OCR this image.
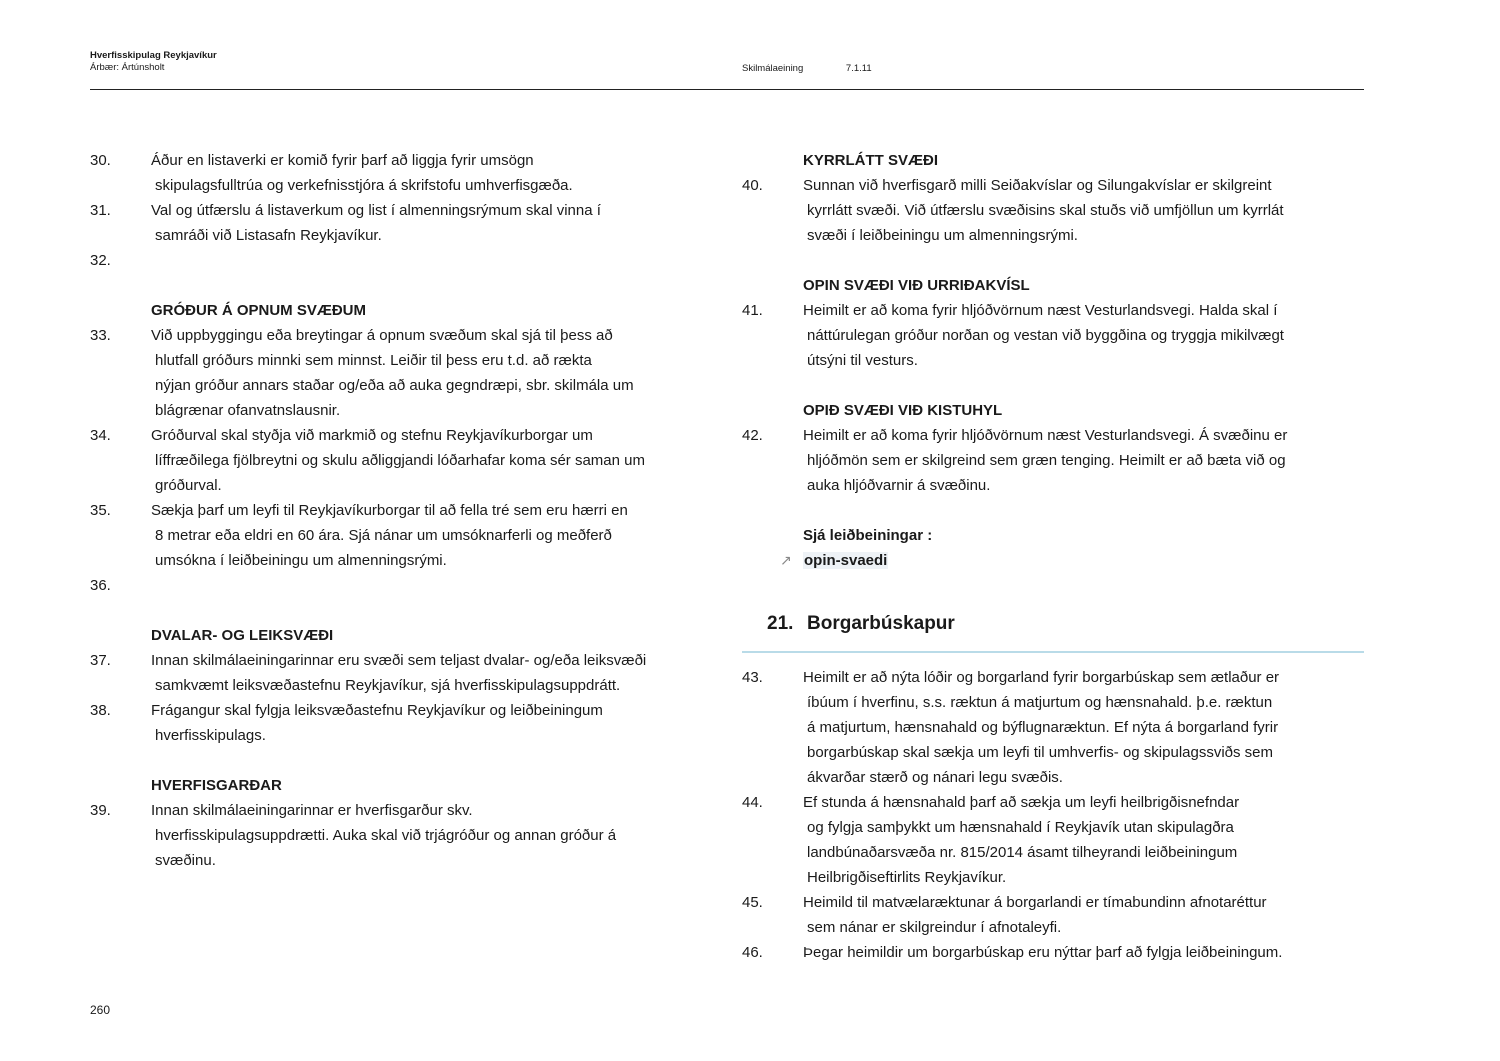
Hverfisskipulag Reykjavíkur
Árbær: Ártúnsholt	Skilmálaeining	7.1.11
30.	Áður en listaverki er komið fyrir þarf að liggja fyrir umsögn
skipulagsfulltrúa og verkefnisstjóra á skrifstofu umhverfisgæða.
31.	Val og útfærslu á listaverkum og list í almenningsrýmum skal vinna í
samráði við Listasafn Reykjavíkur.
32.

GRÓÐUR Á OPNUM SVÆÐUM
33.	Við uppbyggingu eða breytingar á opnum svæðum skal sjá til þess að
hlutfall gróðurs minnki sem minnst. Leiðir til þess eru t.d. að rækta
nýjan gróður annars staðar og/eða að auka gegndræpi, sbr. skilmála um
blágrænar ofanvatnslausnir.
34.	Gróðurval skal styðja við markmið og stefnu Reykjavíkurborgar um
líffræðilega fjölbreytni og skulu aðliggjandi lóðarhafar koma sér saman um
gróðurval.
35.	Sækja þarf um leyfi til Reykjavíkurborgar til að fella tré sem eru hærri en
8 metrar eða eldri en 60 ára. Sjá nánar um umsóknarferli og meðferð
umsókna í leiðbeiningu um almenningsrými.
36.

DVALAR- OG LEIKSVÆÐI
37.	Innan skilmálaeiningarinnar eru svæði sem teljast dvalar- og/eða leiksvæði
samkvæmt leiksvæðastefnu Reykjavíkur, sjá hverfisskipulagsuppdrátt.
38.	Frágangur skal fylgja leiksvæðastefnu Reykjavíkur og leiðbeiningum
hverfisskipulags.
HVERFISGARÐAR
39.	Innan skilmálaeiningarinnar er hverfisgarður skv.
hverfisskipulagsuppdrætti. Auka skal við trjágróður og annan gróður á
svæðinu.
KYRRLÁTT SVÆÐI
40.	Sunnan við hverfisgarð milli Seiðakvíslar og Silungakvíslar er skilgreint
kyrrlátt svæði. Við útfærslu svæðisins skal stuðs við umfjöllun um kyrrlát
svæði í leiðbeiningu um almenningsrými.
OPIN SVÆÐI VIÐ URRIÐAKVÍSL
41.	Heimilt er að koma fyrir hljóðvörnum næst Vesturlandsvegi. Halda skal í
náttúrulegan gróður norðan og vestan við byggðina og tryggja mikilvægt
útsýni til vesturs.
OPIÐ SVÆÐI VIÐ KISTUHYL
42.	Heimilt er að koma fyrir hljóðvörnum næst Vesturlandsvegi. Á svæðinu er
hljóðmön sem er skilgreind sem græn tenging. Heimilt er að bæta við og
auka hljóðvarnir á svæðinu.
Sjá leiðbeiningar :
↗ opin-svaedi
21. Borgarbúskapur
43.	Heimilt er að nýta lóðir og borgarland fyrir borgarbúskap sem ætlaður er
íbúum í hverfinu, s.s. ræktun á matjurtum og hænsnahald. þ.e. ræktun
á matjurtum, hænsnahald og býflugnaræktun. Ef nýta á borgarland fyrir
borgarbúskap skal sækja um leyfi til umhverfis- og skipulagssviðs sem
ákvarðar stærð og nánari legu svæðis.
44.	Ef stunda á hænsnahald þarf að sækja um leyfi heilbrigðisnefndar
og fylgja samþykkt um hænsnahald í Reykjavík utan skipulagðra
landbúnaðarsvæða nr. 815/2014 ásamt tilheyrandi leiðbeiningum
Heilbrigðiseftirlits Reykjavíkur.
45.	Heimild til matvælaræktunar á borgarlandi er tímabundinn afnotaréttur
sem nánar er skilgreindur í afnotaleyfi.
46.	Þegar heimildir um borgarbúskap eru nýttar þarf að fylgja leiðbeiningum.
260
